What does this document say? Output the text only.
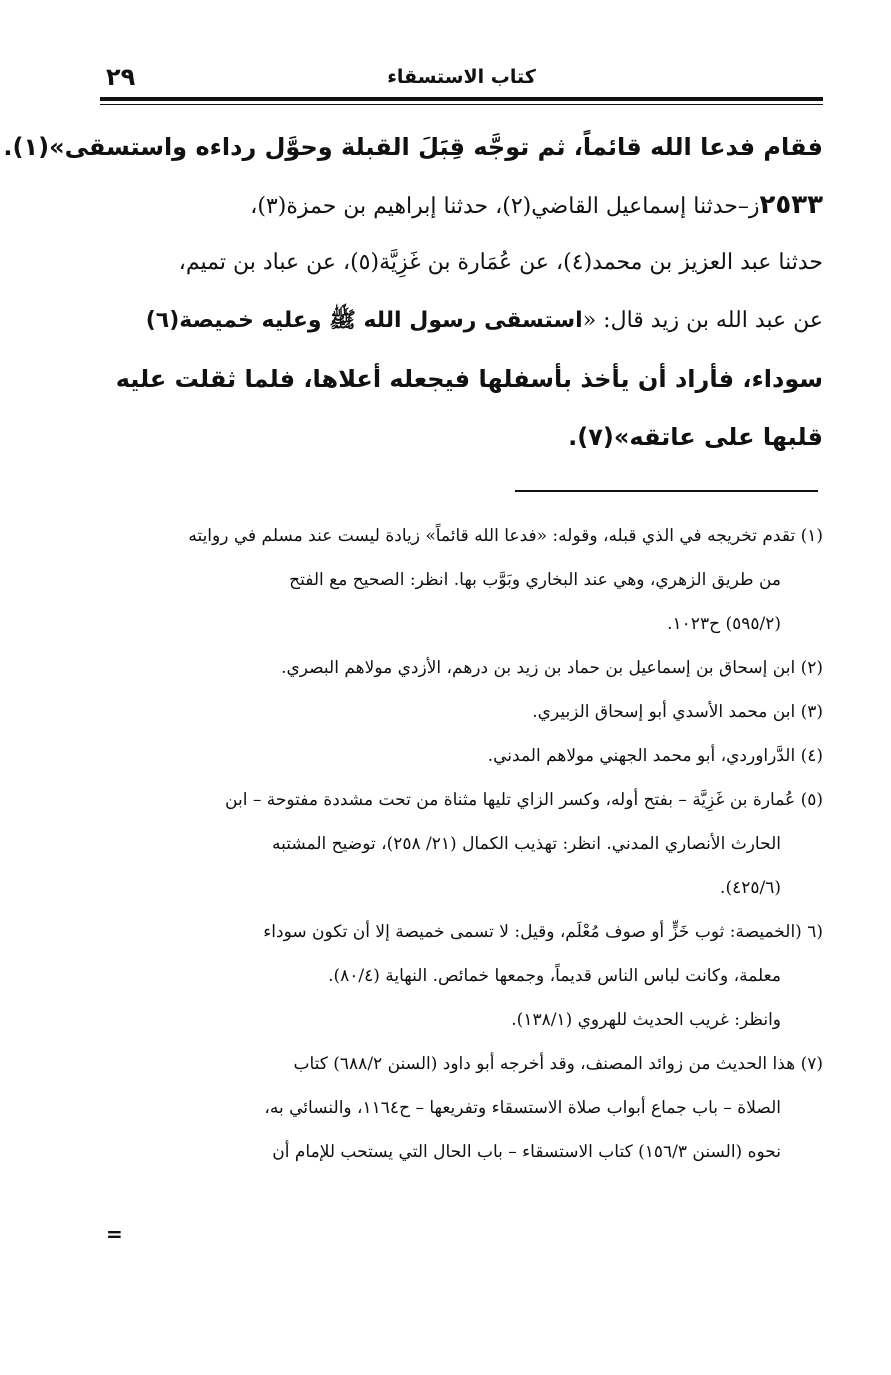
كتاب الاستسقاء
٢٩
فقام فدعا الله قائماً، ثم توجَّه قِبَلَ القبلة وحوَّل رداءه واستسقى»(١).
٢٥٣٣ز–حدثنا إسماعيل القاضي(٢)، حدثنا إبراهيم بن حمزة(٣)،
حدثنا عبد العزيز بن محمد(٤)، عن عُمَارة بن غَزِيَّة(٥)، عن عباد بن تميم،
عن عبد الله بن زيد قال: «استسقى رسول الله ﷺ وعليه خميصة(٦)
سوداء، فأراد أن يأخذ بأسفلها فيجعله أعلاها، فلما ثقلت عليه
قلبها على عاتقه»(٧).
(١) تقدم تخريجه في الذي قبله، وقوله: «فدعا الله قائماً» زيادة ليست عند مسلم في روايته
من طريق الزهري، وهي عند البخاري وبَوَّب بها. انظر: الصحيح مع الفتح
(٥٩٥/٢) ح١٠٢٣.
(٢) ابن إسحاق بن إسماعيل بن حماد بن زيد بن درهم، الأزدي مولاهم البصري.
(٣) ابن محمد الأسدي أبو إسحاق الزبيري.
(٤) الدَّراوردي، أبو محمد الجهني مولاهم المدني.
(٥) عُمارة بن غَزِيَّة – بفتح أوله، وكسر الزاي تليها مثناة من تحت مشددة مفتوحة – ابن
الحارث الأنصاري المدني. انظر: تهذيب الكمال (٢١/ ٢٥٨)، توضيح المشتبه
(٤٢٥/٦).
(٦ (الخميصة: ثوب خَزٍّ أو صوف مُعْلَم، وقيل: لا تسمى خميصة إلا أن تكون سوداء
معلمة، وكانت لباس الناس قديماً، وجمعها خمائص. النهاية (٨٠/٤).
وانظر: غريب الحديث للهروي (١٣٨/١).
(٧) هذا الحديث من زوائد المصنف، وقد أخرجه أبو داود (السنن ٦٨٨/٢) كتاب
الصلاة – باب جماع أبواب صلاة الاستسقاء وتفريعها – ح١١٦٤، والنسائي به،
نحوه (السنن ١٥٦/٣) كتاب الاستسقاء – باب الحال التي يستحب للإمام أن
=
